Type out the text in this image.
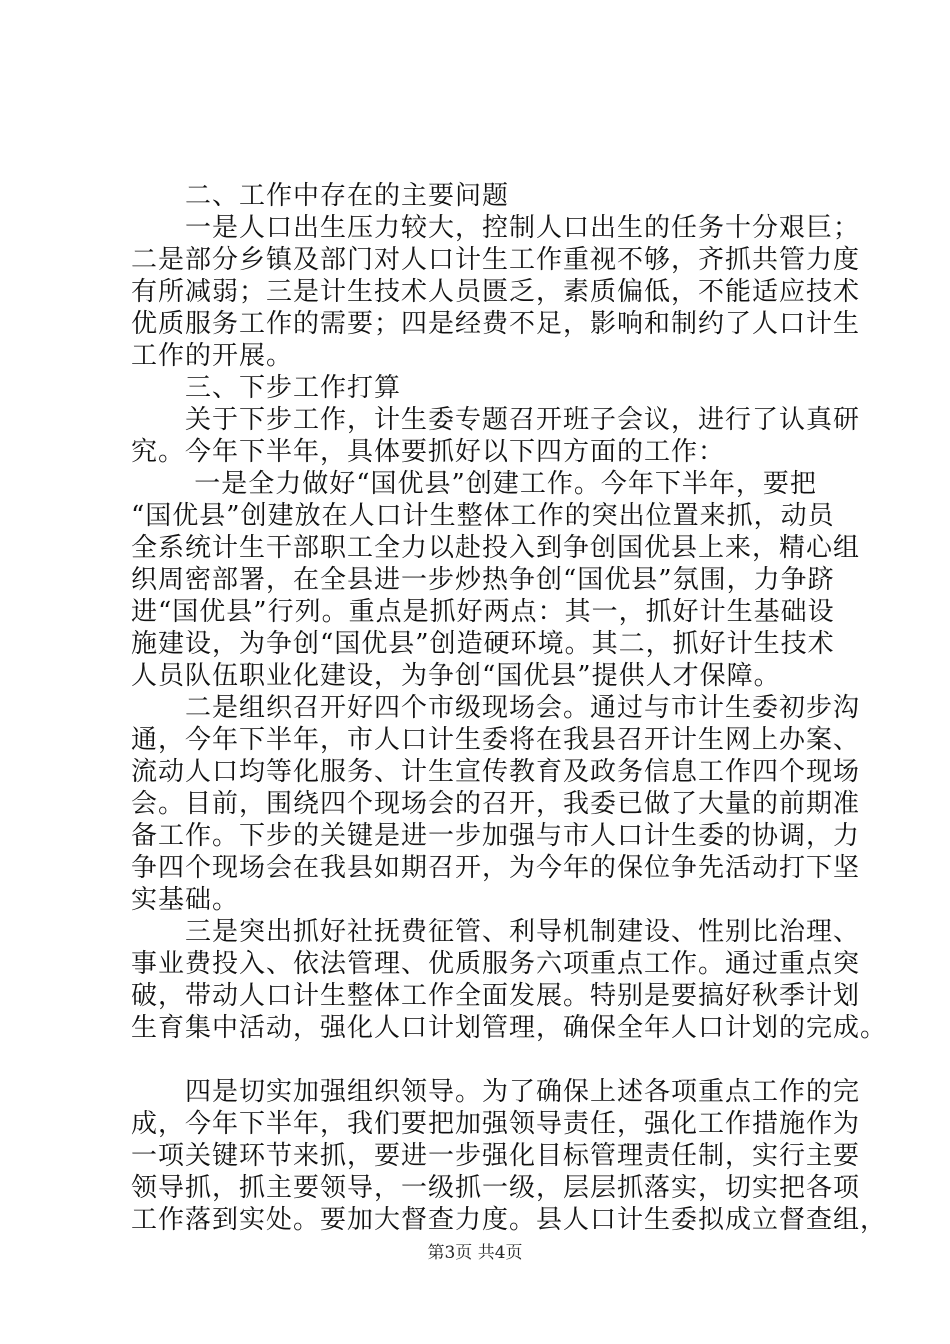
　　二、工作中存在的主要问题
　　一是人口出生压力较大，控制人口出生的任务十分艰巨；
二是部分乡镇及部门对人口计生工作重视不够，齐抓共管力度
有所减弱；三是计生技术人员匮乏，素质偏低，不能适应技术
优质服务工作的需要；四是经费不足，影响和制约了人口计生
工作的开展。
　　三、下步工作打算
　　关于下步工作，计生委专题召开班子会议，进行了认真研
究。今年下半年，具体要抓好以下四方面的工作：
　　 一是全力做好“国优县”创建工作。今年下半年，要把
“国优县”创建放在人口计生整体工作的突出位置来抓，动员
全系统计生干部职工全力以赴投入到争创国优县上来，精心组
织周密部署，在全县进一步炒热争创“国优县”氛围，力争跻
进“国优县”行列。重点是抓好两点：其一，抓好计生基础设
施建设，为争创“国优县”创造硬环境。其二，抓好计生技术
人员队伍职业化建设，为争创“国优县”提供人才保障。
　　二是组织召开好四个市级现场会。通过与市计生委初步沟
通，今年下半年，市人口计生委将在我县召开计生网上办案、
流动人口均等化服务、计生宣传教育及政务信息工作四个现场
会。目前，围绕四个现场会的召开，我委已做了大量的前期准
备工作。下步的关键是进一步加强与市人口计生委的协调，力
争四个现场会在我县如期召开，为今年的保位争先活动打下坚
实基础。
　　三是突出抓好社抚费征管、利导机制建设、性别比治理、
事业费投入、依法管理、优质服务六项重点工作。通过重点突
破，带动人口计生整体工作全面发展。特别是要搞好秋季计划
生育集中活动，强化人口计划管理，确保全年人口计划的完成。
　　四是切实加强组织领导。为了确保上述各项重点工作的完
成，今年下半年，我们要把加强领导责任，强化工作措施作为
一项关键环节来抓，要进一步强化目标管理责任制，实行主要
领导抓，抓主要领导，一级抓一级，层层抓落实，切实把各项
工作落到实处。要加大督查力度。县人口计生委拟成立督查组，
第3页 共4页
